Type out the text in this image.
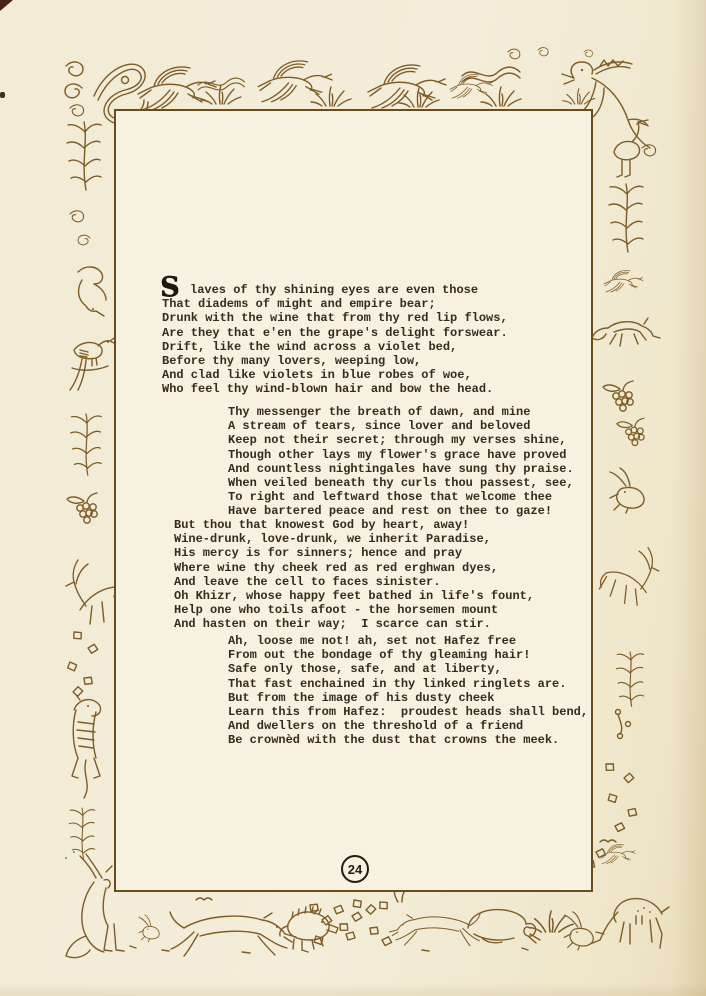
S laves of thy shining eyes are even those
That diadems of might and empire bear;
Drunk with the wine that from thy red lip flows,
Are they that e'en the grape's delight forswear.
Drift, like the wind across a violet bed,
Before thy many lovers, weeping low,
And clad like violets in blue robes of woe,
Who feel thy wind-blown hair and bow the head.
Thy messenger the breath of dawn, and mine
A stream of tears, since lover and beloved
Keep not their secret; through my verses shine,
Though other lays my flower's grace have proved
And countless nightingales have sung thy praise.
When veiled beneath thy curls thou passest, see,
To right and leftward those that welcome thee
Have bartered peace and rest on thee to gaze!
But thou that knowest God by heart, away!
Wine-drunk, love-drunk, we inherit Paradise,
His mercy is for sinners; hence and pray
Where wine thy cheek red as red erghwan dyes,
And leave the cell to faces sinister.
Oh Khizr, whose happy feet bathed in life's fount,
Help one who toils afoot - the horsemen mount
And hasten on their way;  I scarce can stir.
Ah, loose me not! ah, set not Hafez free
From out the bondage of thy gleaming hair!
Safe only those, safe, and at liberty,
That fast enchained in thy linked ringlets are.
But from the image of his dusty cheek
Learn this from Hafez:  proudest heads shall bend,
And dwellers on the threshold of a friend
Be crownèd with the dust that crowns the meek.
24
